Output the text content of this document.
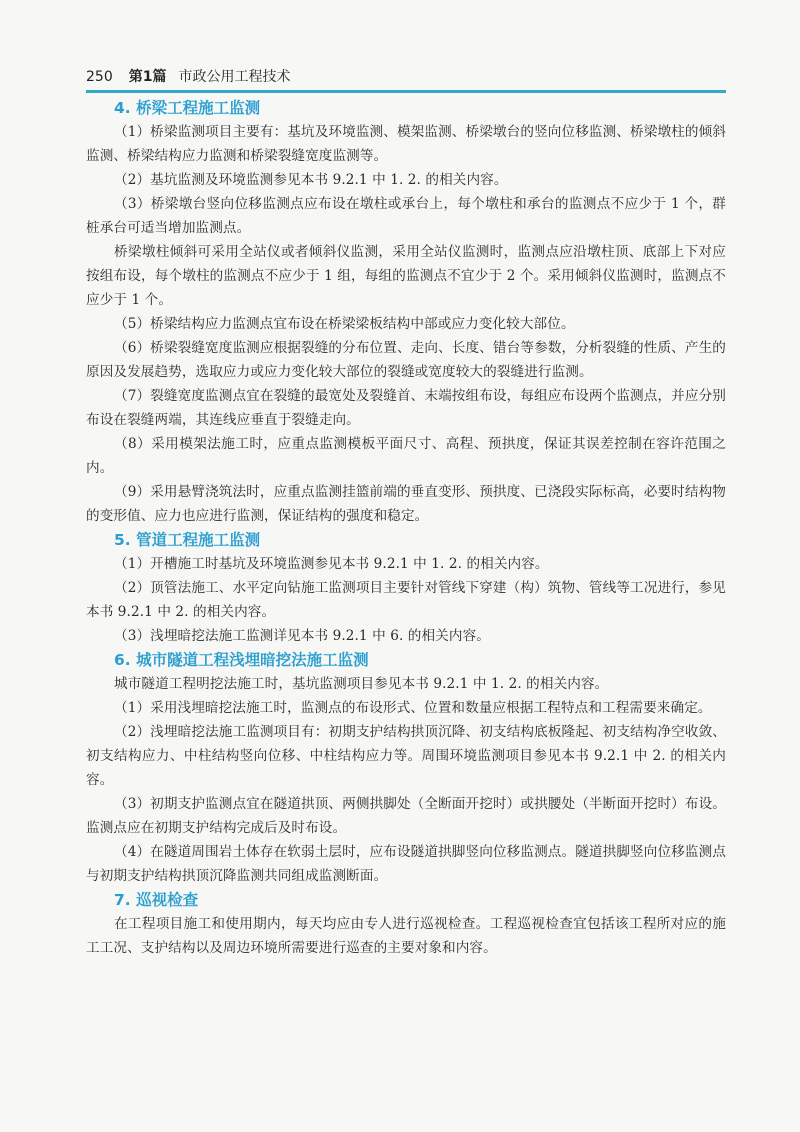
250 第1篇 市政公用工程技术
4. 桥梁工程施工监测

（1）桥梁监测项目主要有：基坑及环境监测、模架监测、桥梁墩台的竖向位移监测、桥梁墩柱的倾斜监测、桥梁结构应力监测和桥梁裂缝宽度监测等。

（2）基坑监测及环境监测参见本书 9.2.1 中 1. 2. 的相关内容。

（3）桥梁墩台竖向位移监测点应布设在墩柱或承台上，每个墩柱和承台的监测点不应少于 1 个，群桩承台可适当增加监测点。

桥梁墩柱倾斜可采用全站仪或者倾斜仪监测，采用全站仪监测时，监测点应沿墩柱顶、底部上下对应按组布设，每个墩柱的监测点不应少于 1 组，每组的监测点不宜少于 2 个。采用倾斜仪监测时，监测点不应少于 1 个。

（5）桥梁结构应力监测点宜布设在桥梁梁板结构中部或应力变化较大部位。

（6）桥梁裂缝宽度监测应根据裂缝的分布位置、走向、长度、错台等参数，分析裂缝的性质、产生的原因及发展趋势，选取应力或应力变化较大部位的裂缝或宽度较大的裂缝进行监测。

（7）裂缝宽度监测点宜在裂缝的最宽处及裂缝首、末端按组布设，每组应布设两个监测点，并应分别布设在裂缝两端，其连线应垂直于裂缝走向。

（8）采用模架法施工时，应重点监测模板平面尺寸、高程、预拱度，保证其误差控制在容许范围之内。

（9）采用悬臂浇筑法时，应重点监测挂篮前端的垂直变形、预拱度、已浇段实际标高，必要时结构物的变形值、应力也应进行监测，保证结构的强度和稳定。

5. 管道工程施工监测

（1）开槽施工时基坑及环境监测参见本书 9.2.1 中 1. 2. 的相关内容。

（2）顶管法施工、水平定向钻施工监测项目主要针对管线下穿建（构）筑物、管线等工况进行，参见本书 9.2.1 中 2. 的相关内容。

（3）浅埋暗挖法施工监测详见本书 9.2.1 中 6. 的相关内容。

6. 城市隧道工程浅埋暗挖法施工监测

城市隧道工程明挖法施工时，基坑监测项目参见本书 9.2.1 中 1. 2. 的相关内容。

（1）采用浅埋暗挖法施工时，监测点的布设形式、位置和数量应根据工程特点和工程需要来确定。

（2）浅埋暗挖法施工监测项目有：初期支护结构拱顶沉降、初支结构底板隆起、初支结构净空收敛、初支结构应力、中柱结构竖向位移、中柱结构应力等。周围环境监测项目参见本书 9.2.1 中 2. 的相关内容。

（3）初期支护监测点宜在隧道拱顶、两侧拱脚处（全断面开挖时）或拱腰处（半断面开挖时）布设。监测点应在初期支护结构完成后及时布设。

（4）在隧道周围岩土体存在软弱土层时，应布设隧道拱脚竖向位移监测点。隧道拱脚竖向位移监测点与初期支护结构拱顶沉降监测共同组成监测断面。

7. 巡视检查

在工程项目施工和使用期内，每天均应由专人进行巡视检查。工程巡视检查宜包括该工程所对应的施工工况、支护结构以及周边环境所需要进行巡查的主要对象和内容。
